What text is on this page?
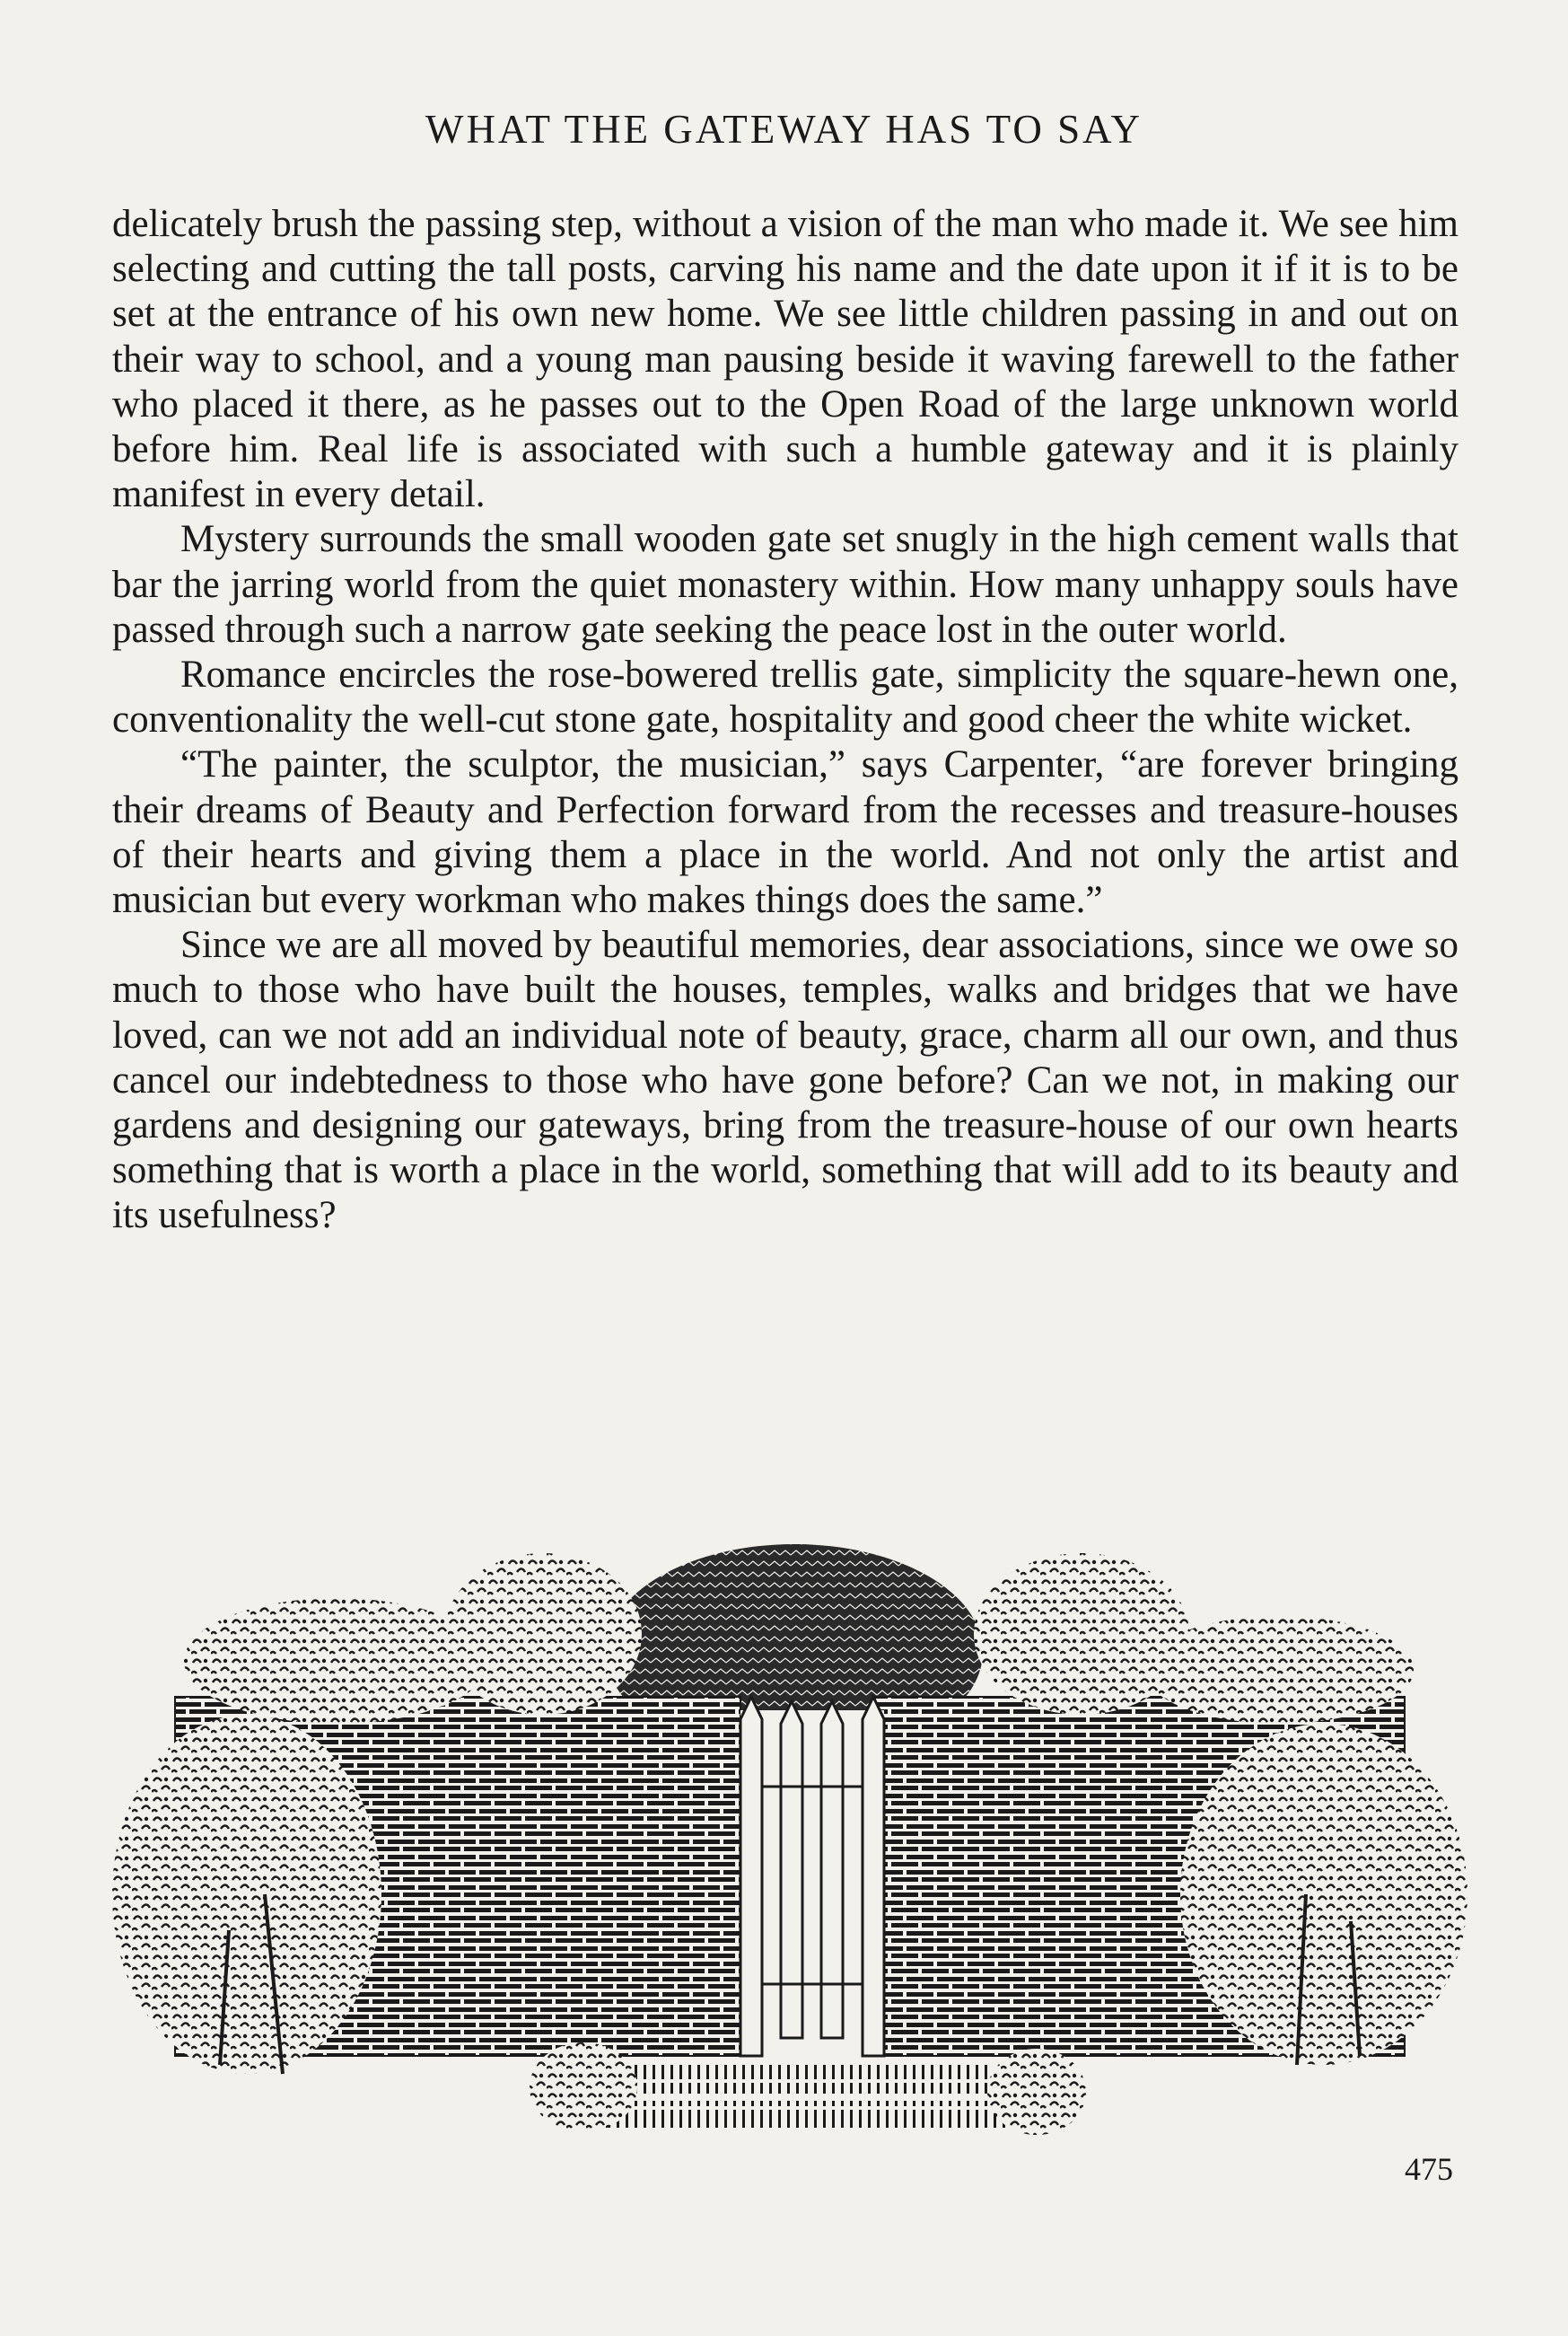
WHAT THE GATEWAY HAS TO SAY

delicately brush the passing step, without a vision of the man who made it. We see him selecting and cutting the tall posts, carving his name and the date upon it if it is to be set at the entrance of his own new home. We see little children passing in and out on their way to school, and a young man pausing beside it waving farewell to the father who placed it there, as he passes out to the Open Road of the large unknown world before him. Real life is associated with such a humble gateway and it is plainly manifest in every detail.

Mystery surrounds the small wooden gate set snugly in the high cement walls that bar the jarring world from the quiet monastery within. How many unhappy souls have passed through such a narrow gate seeking the peace lost in the outer world.

Romance encircles the rose-bowered trellis gate, simplicity the square-hewn one, conventionality the well-cut stone gate, hospitality and good cheer the white wicket.

“The painter, the sculptor, the musician,” says Carpenter, “are forever bringing their dreams of Beauty and Perfection forward from the recesses and treasure-houses of their hearts and giving them a place in the world. And not only the artist and musician but every workman who makes things does the same.”

Since we are all moved by beautiful memories, dear associations, since we owe so much to those who have built the houses, temples, walks and bridges that we have loved, can we not add an individual note of beauty, grace, charm all our own, and thus cancel our indebtedness to those who have gone before? Can we not, in making our gardens and designing our gateways, bring from the treasure-house of our own hearts something that is worth a place in the world, something that will add to its beauty and its usefulness?

475
